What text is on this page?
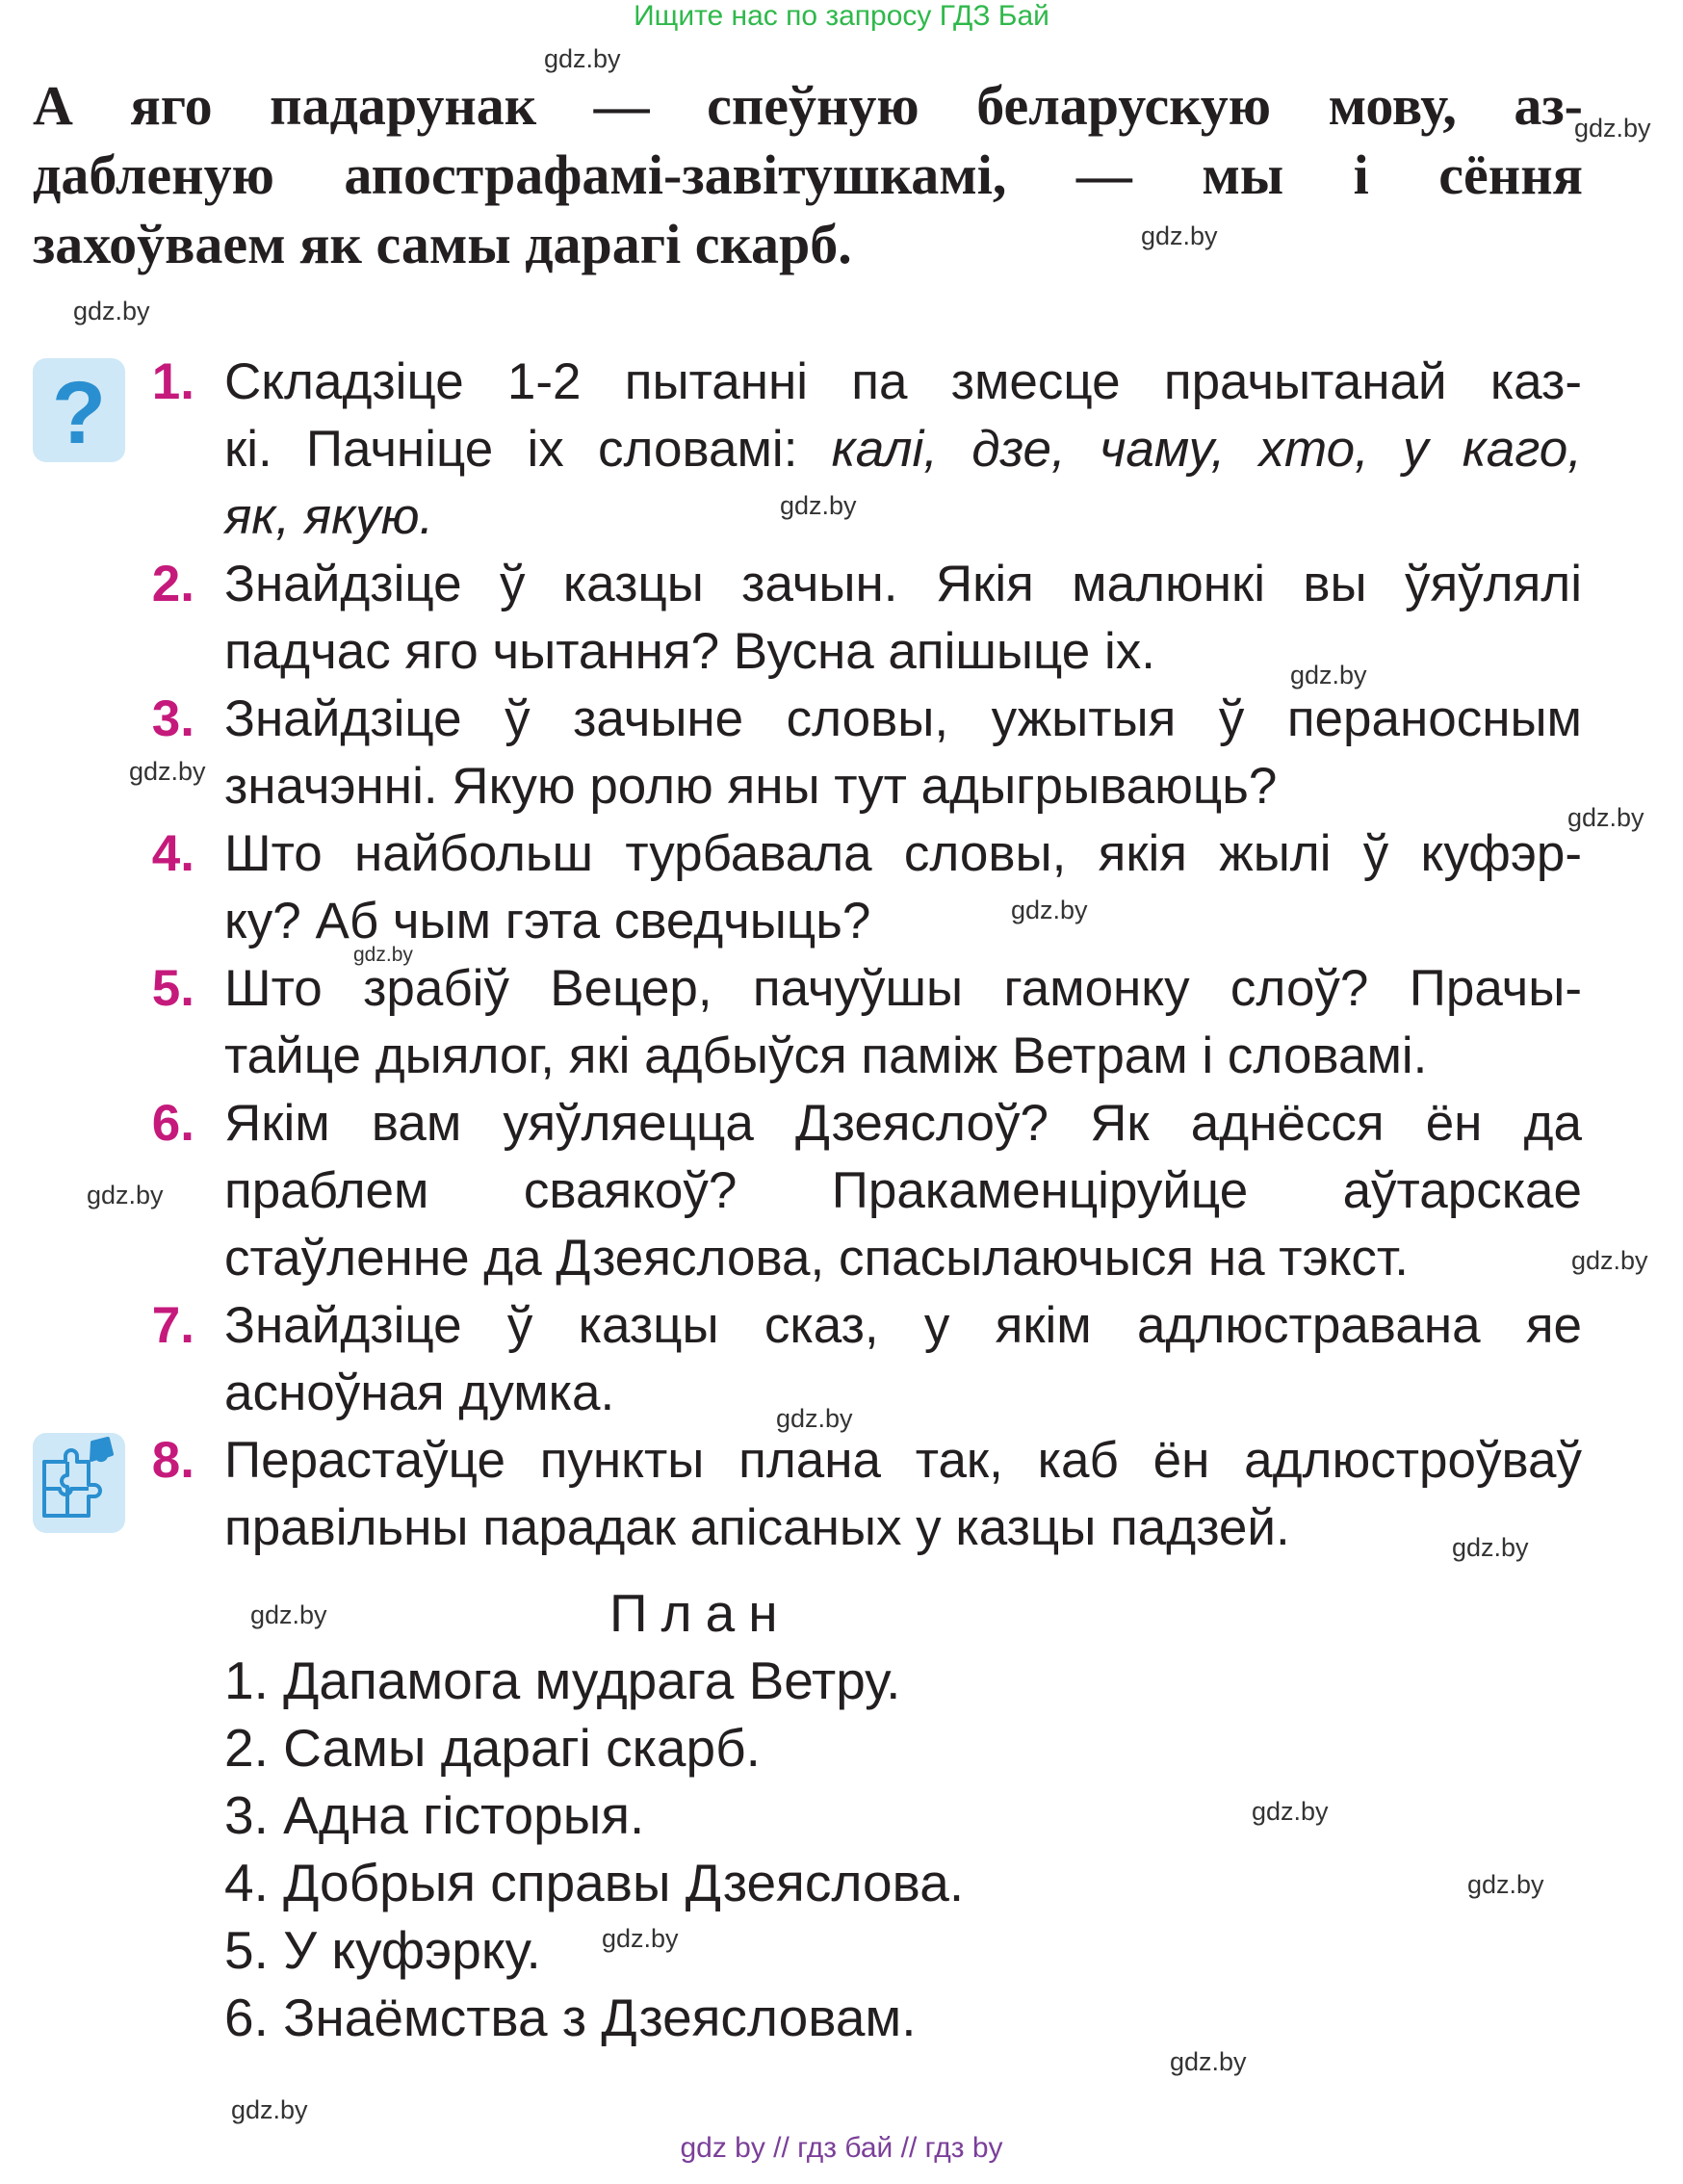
Ищите нас по запросу ГДЗ Бай
А яго падарунак — спеўную беларускую мову, аз-
дабленую апострафамі-завітушкамі, — мы і сёння
захоўваем як самы дарагі скарб.
? 1. Складзіце 1-2 пытанні па змесце прачытанай каз-
кі. Пачніце іх словамі: калі, дзе, чаму, хто, у каго,
як, якую.
2. Знайдзіце ў казцы зачын. Якія малюнкі вы ўяўлялі
падчас яго чытання? Вусна апішыце іх.
3. Знайдзіце ў зачыне словы, ужытыя ў пераносным
значэнні. Якую ролю яны тут адыгрываюць?
4. Што найбольш турбавала словы, якія жылі ў куфэр-
ку? Аб чым гэта сведчыць?
5. Што зрабіў Вецер, пачуўшы гамонку слоў? Прачы-
тайце дыялог, які адбыўся паміж Ветрам і словамі.
6. Якім вам уяўляецца Дзеяслоў? Як аднёсся ён да
праблем сваякоў? Пракаменціруйце аўтарскае
стаўленне да Дзеяслова, спасылаючыся на тэкст.
7. Знайдзіце ў казцы сказ, у якім адлюстравана яе
асноўная думка.
8. Перастаўце пункты плана так, каб ён адлюстроўваў
правільны парадак апісаных у казцы падзей.
План
1. Дапамога мудрага Ветру.
2. Самы дарагі скарб.
3. Адна гісторыя.
4. Добрыя справы Дзеяслова.
5. У куфэрку.
6. Знаёмства з Дзеясловам.
gdz.by
gdz.by
gdz.by
gdz.by
gdz.by
gdz.by
gdz.by
gdz.by
gdz.by
gdz.by
gdz.by
gdz.by
gdz.by
gdz.by
gdz.by
gdz.by
gdz.by
gdz.by
gdz.by
gdz.by
gdz by // гдз бай // гдз by
